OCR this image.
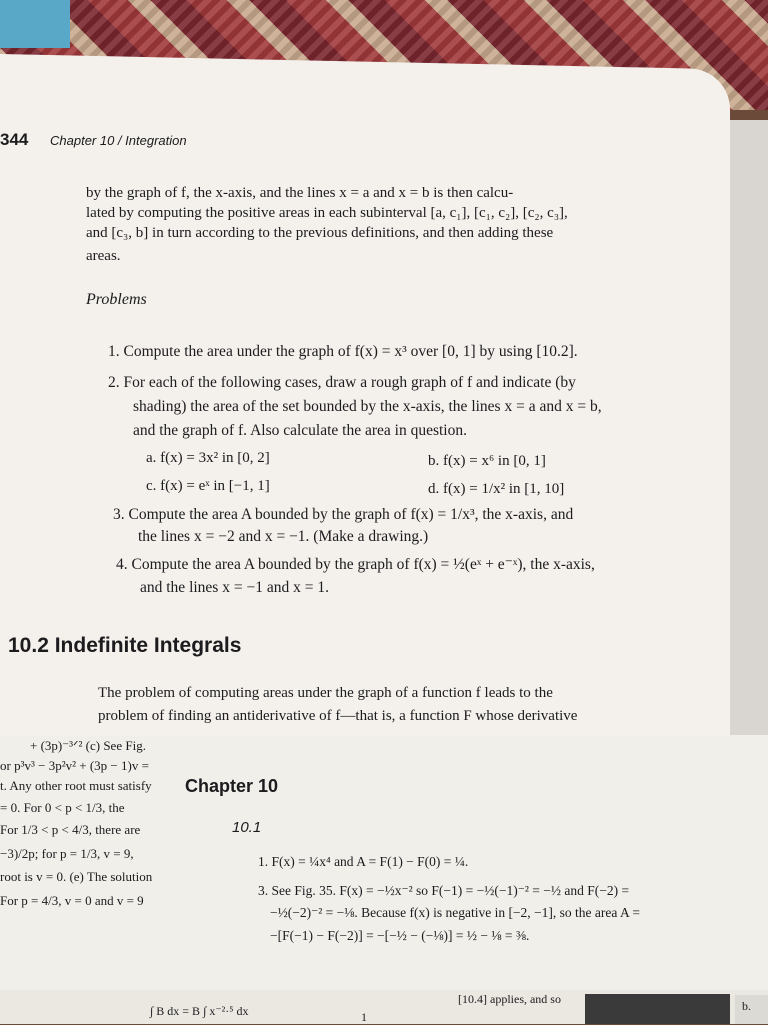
344 Chapter 10 / Integration
by the graph of f, the x-axis, and the lines x = a and x = b is then calcu-
lated by computing the positive areas in each subinterval [a, c₁], [c₁, c₂], [c₂, c₃],
and [c₃, b] in turn according to the previous definitions, and then adding these
areas.
Problems
1. Compute the area under the graph of f(x) = x³ over [0, 1] by using [10.2].
2. For each of the following cases, draw a rough graph of f and indicate (by
shading) the area of the set bounded by the x-axis, the lines x = a and x = b,
and the graph of f. Also calculate the area in question.
a. f(x) = 3x² in [0, 2]	b. f(x) = x⁶ in [0, 1]
c. f(x) = eˣ in [−1, 1]	d. f(x) = 1/x² in [1, 10]
3. Compute the area A bounded by the graph of f(x) = 1/x³, the x-axis, and
the lines x = −2 and x = −1. (Make a drawing.)
4. Compute the area A bounded by the graph of f(x) = ½(eˣ + e⁻ˣ), the x-axis,
and the lines x = −1 and x = 1.
10.2 Indefinite Integrals
The problem of computing areas under the graph of a function f leads to the
problem of finding an antiderivative of f—that is, a function F whose derivative
+ (3p)⁻³ᐟ² (c) See Fig.
or p³v³ − 3p²v² + (3p − 1)v =
t. Any other root must satisfy
= 0. For 0 < p < 1/3, the
For 1/3 < p < 4/3, there are
−3)/2p; for p = 1/3, v = 9,
root is v = 0. (e) The solution
For p = 4/3, v = 0 and v = 9
Chapter 10
10.1
1. F(x) = ¼x⁴ and A = F(1) − F(0) = ¼.
3. See Fig. 35. F(x) = −½x⁻² so F(−1) = −½(−1)⁻² = −½ and F(−2) =
−½(−2)⁻² = −⅛. Because f(x) is negative in [−2, −1], so the area A =
−[F(−1) − F(−2)] = −[−½ − (−⅛)] = ½ − ⅛ = ⅜.
∫ B dx = B ∫ x⁻²·⁵ dx	1
[10.4] applies, and so	b.
